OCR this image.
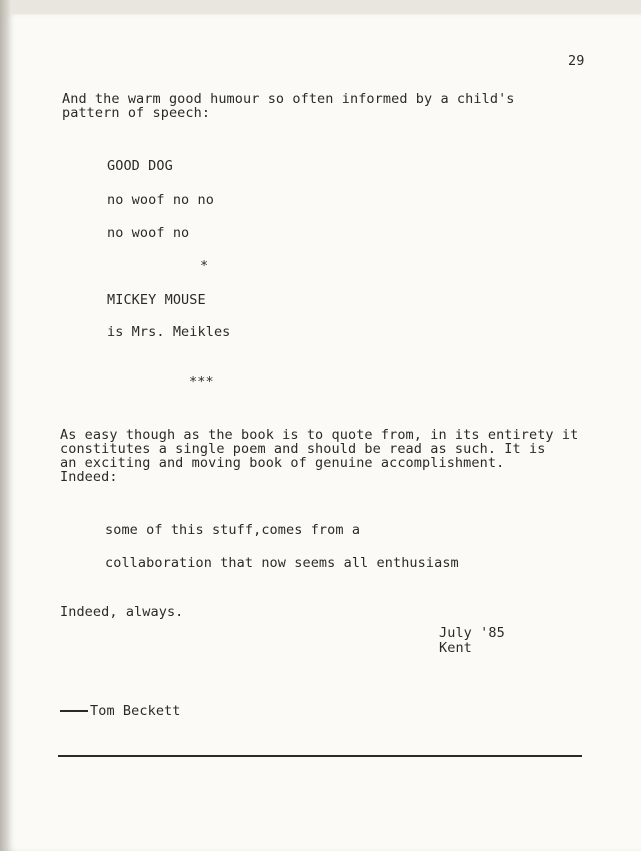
29
And the warm good humour so often informed by a child's
pattern of speech:
GOOD DOG
no woof no no
no woof no
*
MICKEY MOUSE
is Mrs. Meikles
***
As easy though as the book is to quote from, in its entirety it
constitutes a single poem and should be read as such. It is
an exciting and moving book of genuine accomplishment.
Indeed:
some of this stuff,comes from a
collaboration that now seems all enthusiasm
Indeed, always.
July '85
Kent
Tom Beckett
